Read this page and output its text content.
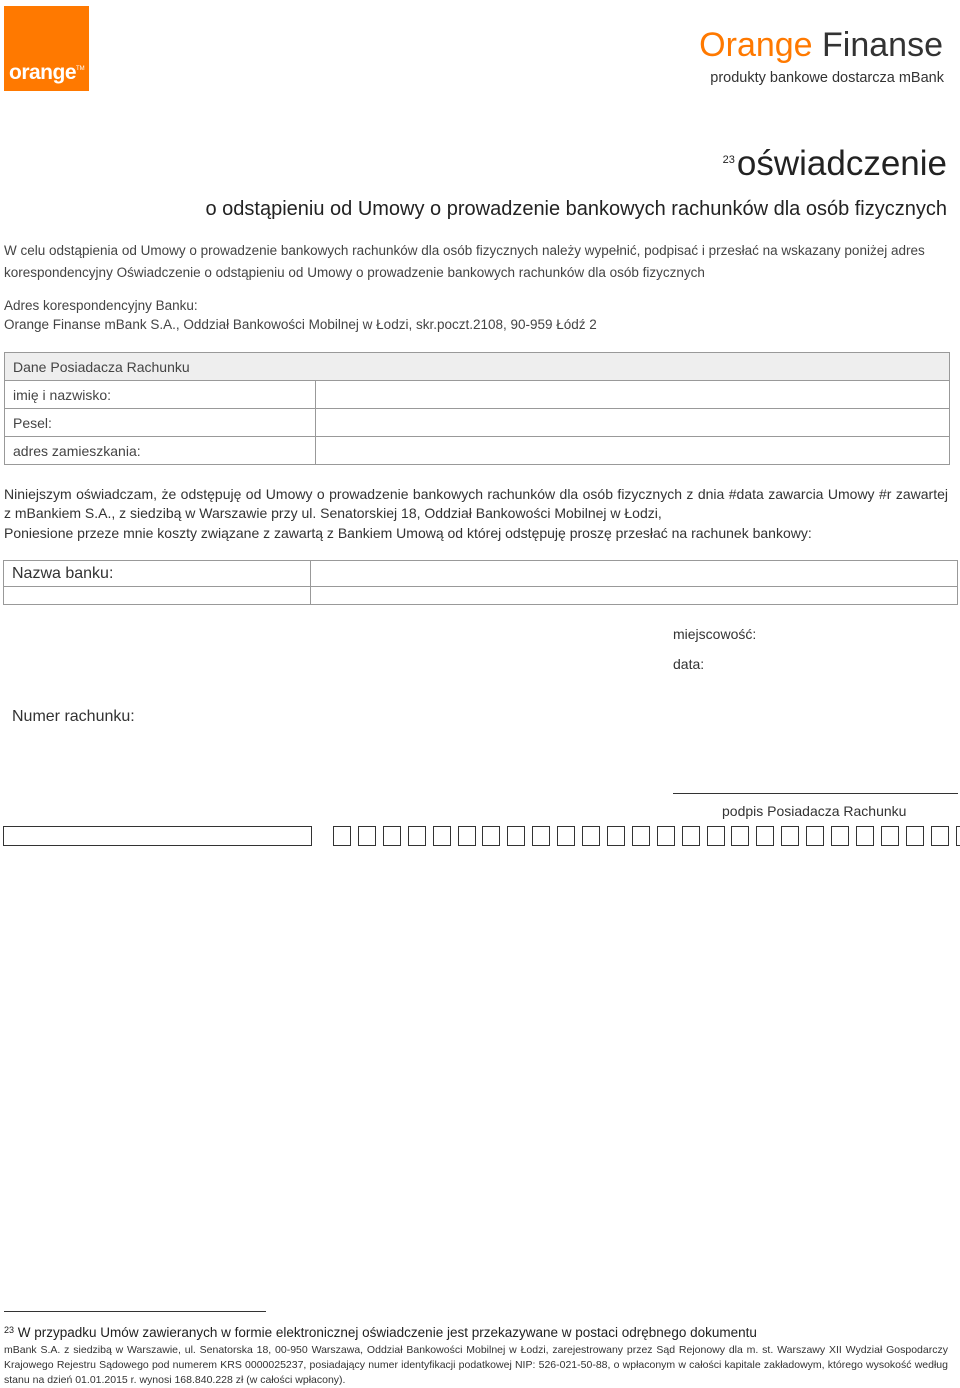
orange TM
Orange Finanse
produkty bankowe dostarcza mBank
$^{23}$oświadczenie
o odstąpieniu od Umowy o prowadzenie bankowych rachunków dla osób fizycznych
W celu odstąpienia od Umowy o prowadzenie bankowych rachunków dla osób fizycznych należy wypełnić, podpisać i przesłać na wskazany poniżej adres korespondencyjny Oświadczenie o odstąpieniu od Umowy o prowadzenie bankowych rachunków dla osób fizycznych
Adres korespondencyjny Banku:
Orange Finanse mBank S.A., Oddział Bankowości Mobilnej w Łodzi, skr.poczt.2108, 90-959 Łódź 2
Dane Posiadacza Rachunku	
imię i nazwisko:	
Pesel:	
adres zamieszkania:	
Niniejszym oświadczam, że odstępuję od Umowy o prowadzenie bankowych rachunków dla osób fizycznych z dnia #data zawarcia Umowy #r zawartej z mBankiem S.A., z siedzibą w Warszawie przy ul. Senatorskiej 18, Oddział Bankowości Mobilnej w Łodzi,
Poniesione przeze mnie koszty związane z zawartą z Bankiem Umową od której odstępuję proszę przesłać na rachunek bankowy:
Nazwa banku:	

miejscowość:
data:
Numer rachunku:
podpis Posiadacza Rachunku
$^{23}$ W przypadku Umów zawieranych w formie elektronicznej oświadczenie jest przekazywane w postaci odrębnego dokumentu
mBank S.A. z siedzibą w Warszawie, ul. Senatorska 18, 00-950 Warszawa, Oddział Bankowości Mobilnej w Łodzi, zarejestrowany przez Sąd Rejonowy dla m. st. Warszawy XII Wydział Gospodarczy Krajowego Rejestru Sądowego pod numerem KRS 0000025237, posiadający numer identyfikacji podatkowej NIP: 526-021-50-88, o wpłaconym w całości kapitale zakładowym, którego wysokość według stanu na dzień 01.01.2015 r. wynosi 168.840.228 zł (w całości wpłacony).
